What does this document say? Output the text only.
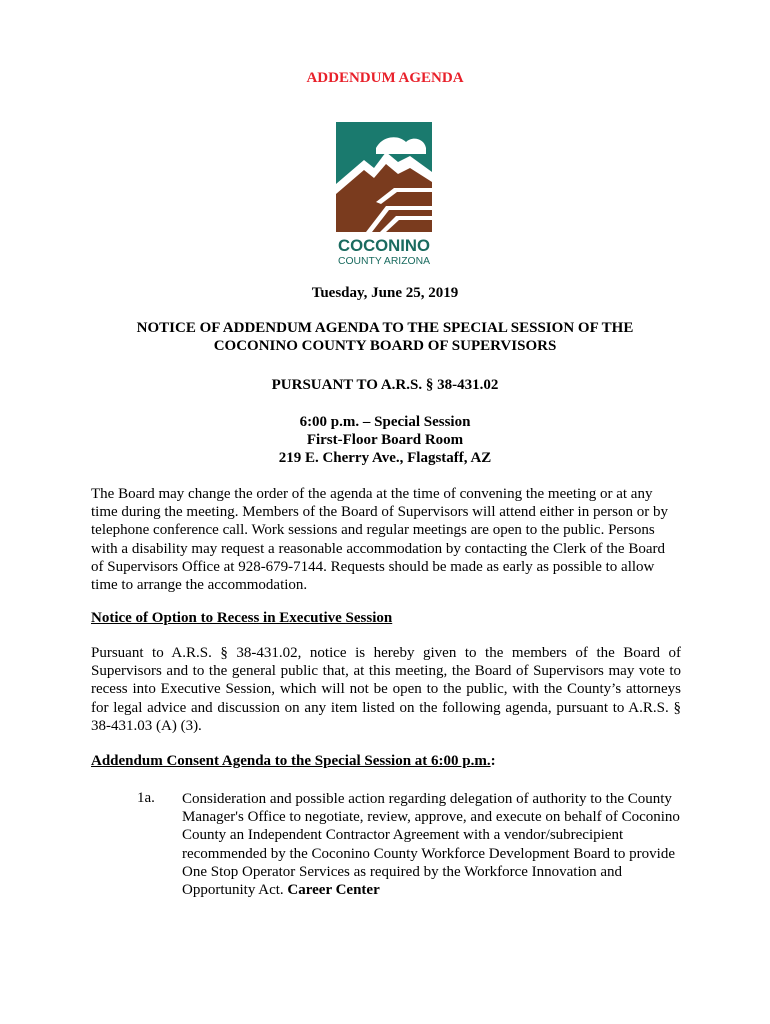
ADDENDUM AGENDA
COCONINO
COUNTY ARIZONA
Tuesday, June 25, 2019
NOTICE OF ADDENDUM AGENDA TO THE SPECIAL SESSION OF THE
COCONINO COUNTY BOARD OF SUPERVISORS
PURSUANT TO A.R.S. § 38-431.02
6:00 p.m. – Special Session
First-Floor Board Room
219 E. Cherry Ave., Flagstaff, AZ
The Board may change the order of the agenda at the time of convening the meeting or at any time during the meeting. Members of the Board of Supervisors will attend either in person or by telephone conference call. Work sessions and regular meetings are open to the public. Persons with a disability may request a reasonable accommodation by contacting the Clerk of the Board of Supervisors Office at 928-679-7144. Requests should be made as early as possible to allow time to arrange the accommodation.
Notice of Option to Recess in Executive Session
Pursuant to A.R.S. § 38-431.02, notice is hereby given to the members of the Board of Supervisors and to the general public that, at this meeting, the Board of Supervisors may vote to recess into Executive Session, which will not be open to the public, with the County’s attorneys for legal advice and discussion on any item listed on the following agenda, pursuant to A.R.S. § 38-431.03 (A) (3).
Addendum Consent Agenda to the Special Session at 6:00 p.m.:
1a. Consideration and possible action regarding delegation of authority to the County Manager's Office to negotiate, review, approve, and execute on behalf of Coconino County an Independent Contractor Agreement with a vendor/subrecipient recommended by the Coconino County Workforce Development Board to provide One Stop Operator Services as required by the Workforce Innovation and Opportunity Act. Career Center
